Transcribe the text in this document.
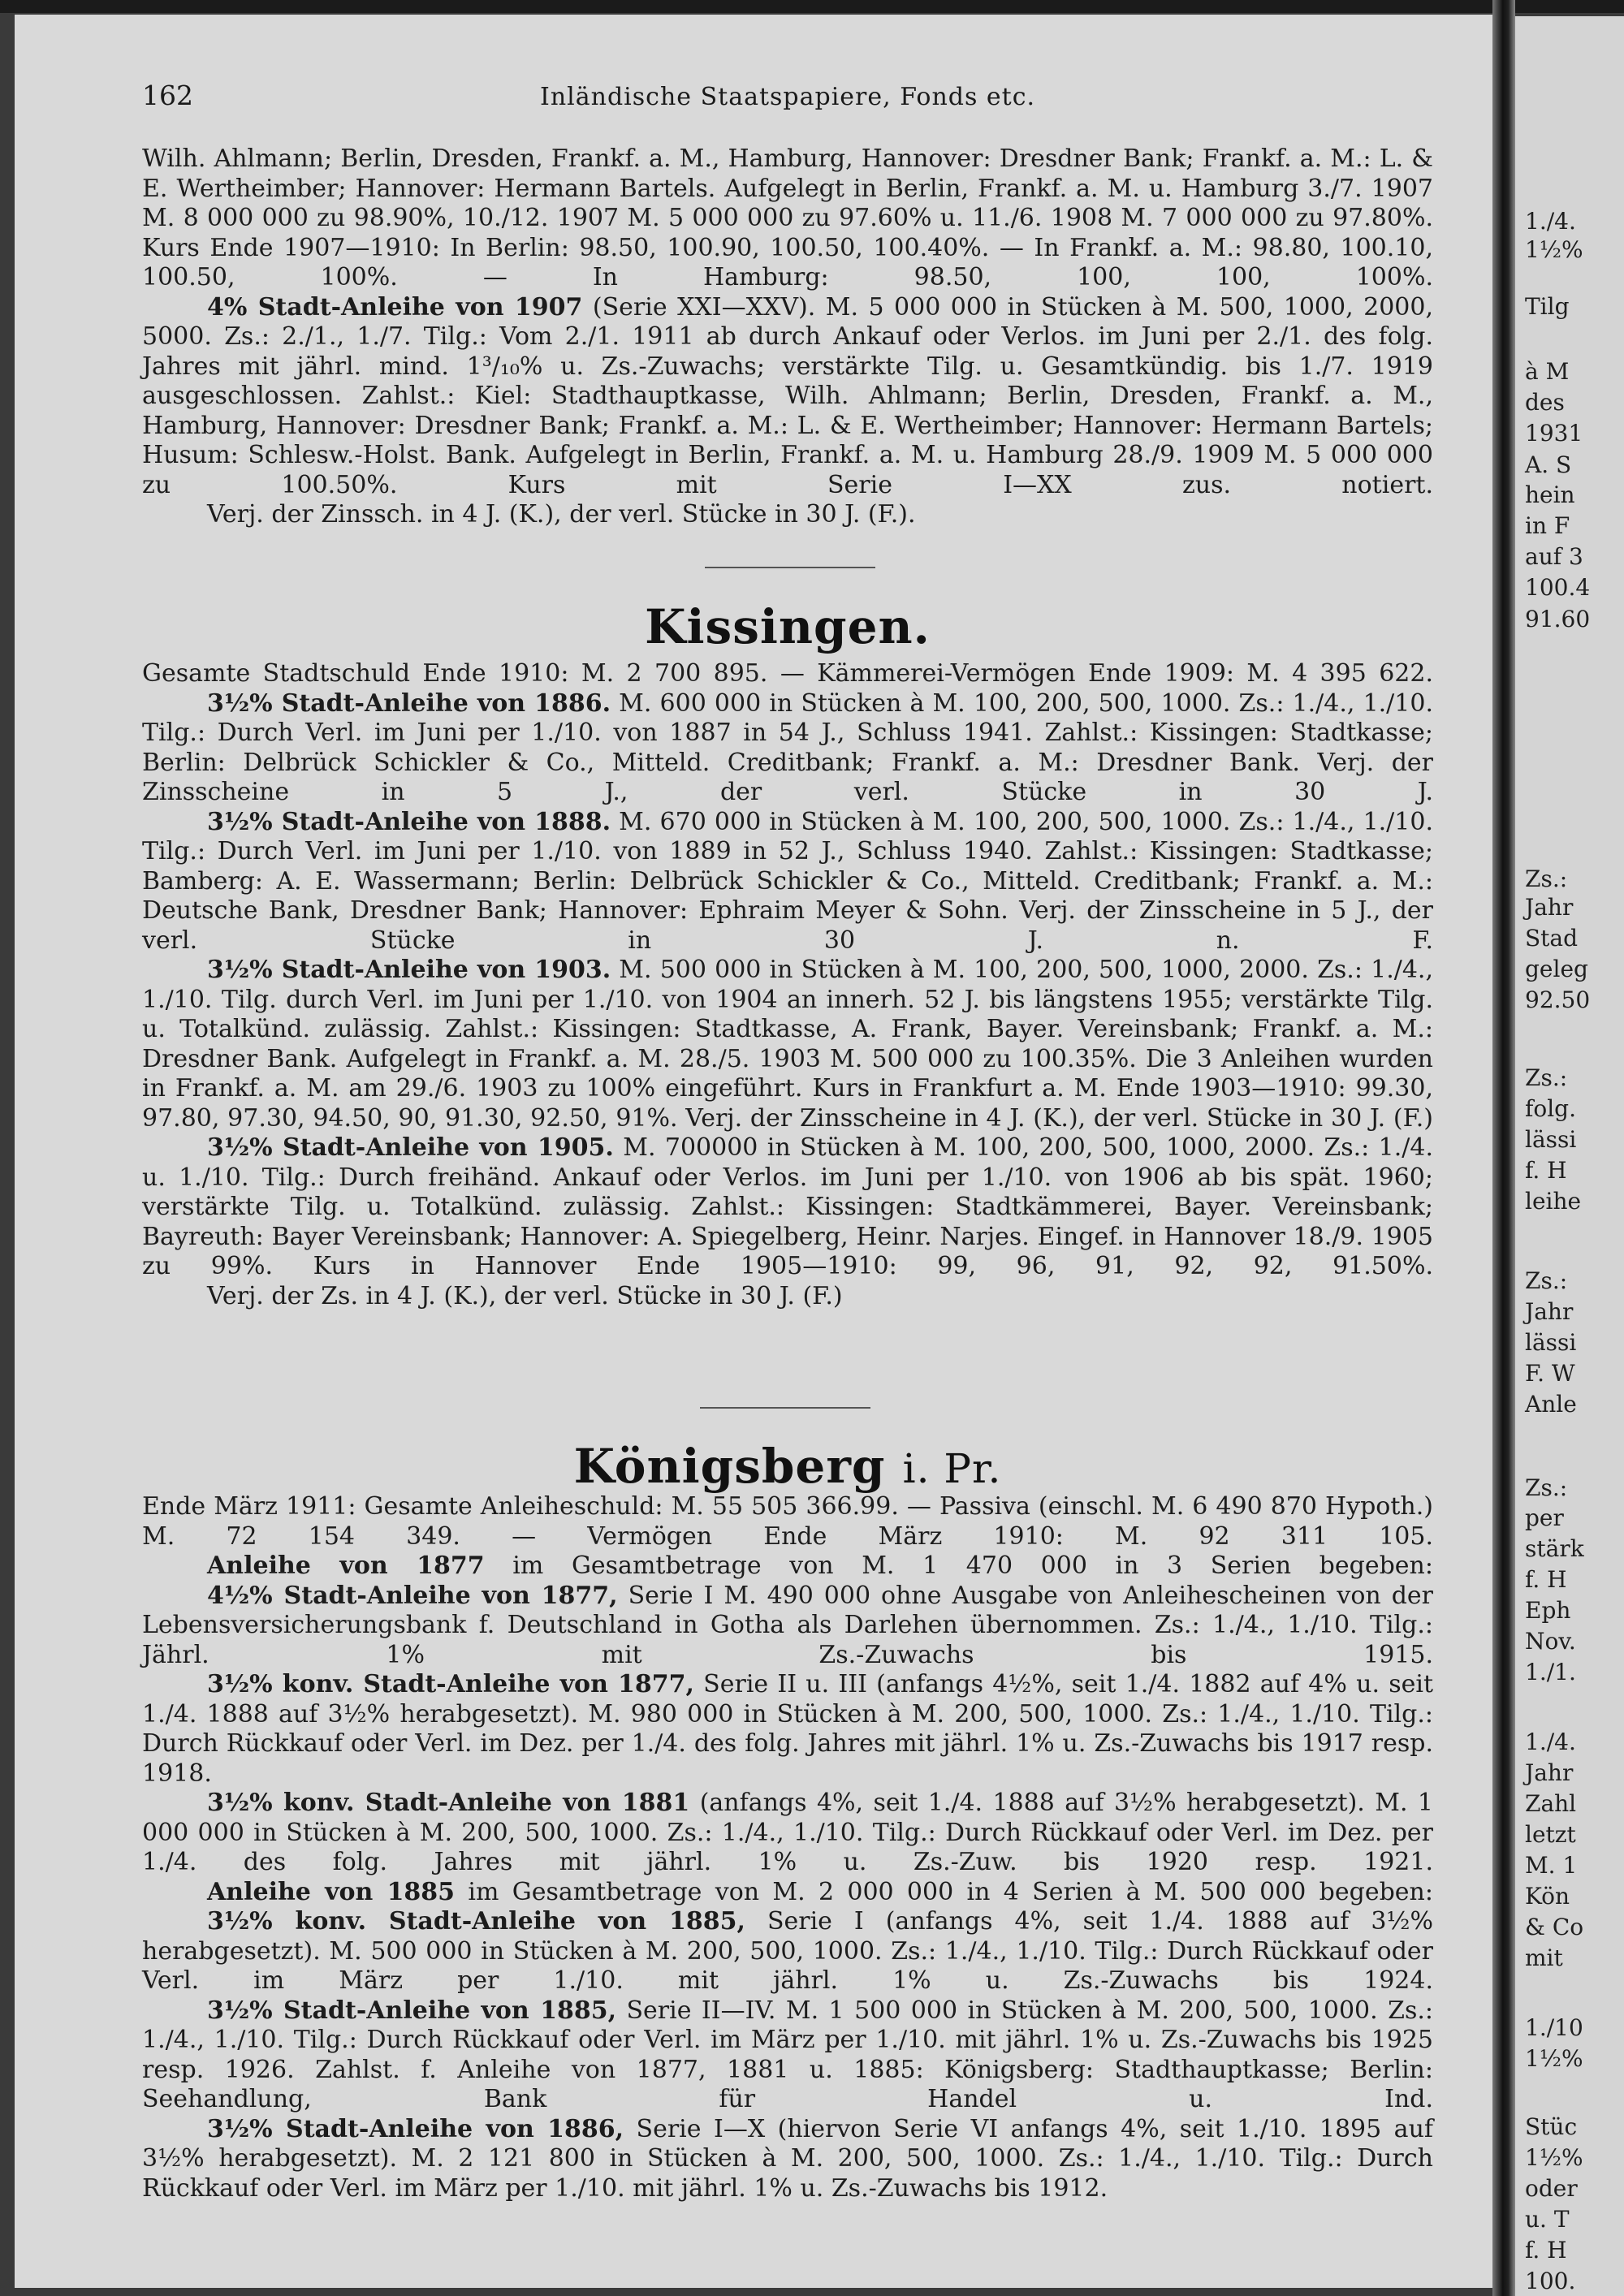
162	Inländische Staatspapiere, Fonds etc.

Wilh. Ahlmann; Berlin, Dresden, Frankf. a. M., Hamburg, Hannover: Dresdner Bank; Frankf. a. M.: L. & E. Wertheimber; Hannover: Hermann Bartels. Aufgelegt in Berlin, Frankf. a. M. u. Hamburg 3./7. 1907 M. 8 000 000 zu 98.90%, 10./12. 1907 M. 5 000 000 zu 97.60% u. 11./6. 1908 M. 7 000 000 zu 97.80%. Kurs Ende 1907—1910: In Berlin: 98.50, 100.90, 100.50, 100.40%. — In Frankf. a. M.: 98.80, 100.10, 100.50, 100%. — In Hamburg: 98.50, 100, 100, 100%.

4% Stadt-Anleihe von 1907 (Serie XXI—XXV). M. 5 000 000 in Stücken à M. 500, 1000, 2000, 5000. Zs.: 2./1., 1./7. Tilg.: Vom 2./1. 1911 ab durch Ankauf oder Verlos. im Juni per 2./1. des folg. Jahres mit jährl. mind. 1³/₁₀% u. Zs.-Zuwachs; verstärkte Tilg. u. Gesamtkündig. bis 1./7. 1919 ausgeschlossen. Zahlst.: Kiel: Stadthauptkasse, Wilh. Ahlmann; Berlin, Dresden, Frankf. a. M., Hamburg, Hannover: Dresdner Bank; Frankf. a. M.: L. & E. Wertheimber; Hannover: Hermann Bartels; Husum: Schlesw.-Holst. Bank. Aufgelegt in Berlin, Frankf. a. M. u. Hamburg 28./9. 1909 M. 5 000 000 zu 100.50%. Kurs mit Serie I—XX zus. notiert.

Verj. der Zinssch. in 4 J. (K.), der verl. Stücke in 30 J. (F.).

Kissingen.

Gesamte Stadtschuld Ende 1910: M. 2 700 895. — Kämmerei-Vermögen Ende 1909: M. 4 395 622.

3½% Stadt-Anleihe von 1886. M. 600 000 in Stücken à M. 100, 200, 500, 1000. Zs.: 1./4., 1./10. Tilg.: Durch Verl. im Juni per 1./10. von 1887 in 54 J., Schluss 1941. Zahlst.: Kissingen: Stadtkasse; Berlin: Delbrück Schickler & Co., Mitteld. Creditbank; Frankf. a. M.: Dresdner Bank. Verj. der Zinsscheine in 5 J., der verl. Stücke in 30 J.

3½% Stadt-Anleihe von 1888. M. 670 000 in Stücken à M. 100, 200, 500, 1000. Zs.: 1./4., 1./10. Tilg.: Durch Verl. im Juni per 1./10. von 1889 in 52 J., Schluss 1940. Zahlst.: Kissingen: Stadtkasse; Bamberg: A. E. Wassermann; Berlin: Delbrück Schickler & Co., Mitteld. Creditbank; Frankf. a. M.: Deutsche Bank, Dresdner Bank; Hannover: Ephraim Meyer & Sohn. Verj. der Zinsscheine in 5 J., der verl. Stücke in 30 J. n. F.

3½% Stadt-Anleihe von 1903. M. 500 000 in Stücken à M. 100, 200, 500, 1000, 2000. Zs.: 1./4., 1./10. Tilg. durch Verl. im Juni per 1./10. von 1904 an innerh. 52 J. bis längstens 1955; verstärkte Tilg. u. Totalkünd. zulässig. Zahlst.: Kissingen: Stadtkasse, A. Frank, Bayer. Vereinsbank; Frankf. a. M.: Dresdner Bank. Aufgelegt in Frankf. a. M. 28./5. 1903 M. 500 000 zu 100.35%. Die 3 Anleihen wurden in Frankf. a. M. am 29./6. 1903 zu 100% eingeführt. Kurs in Frankfurt a. M. Ende 1903—1910: 99.30, 97.80, 97.30, 94.50, 90, 91.30, 92.50, 91%. Verj. der Zinsscheine in 4 J. (K.), der verl. Stücke in 30 J. (F.)

3½% Stadt-Anleihe von 1905. M. 700000 in Stücken à M. 100, 200, 500, 1000, 2000. Zs.: 1./4. u. 1./10. Tilg.: Durch freihänd. Ankauf oder Verlos. im Juni per 1./10. von 1906 ab bis spät. 1960; verstärkte Tilg. u. Totalkünd. zulässig. Zahlst.: Kissingen: Stadtkämmerei, Bayer. Vereinsbank; Bayreuth: Bayer Vereinsbank; Hannover: A. Spiegelberg, Heinr. Narjes. Eingef. in Hannover 18./9. 1905 zu 99%. Kurs in Hannover Ende 1905—1910: 99, 96, 91, 92, 92, 91.50%.

Verj. der Zs. in 4 J. (K.), der verl. Stücke in 30 J. (F.)

Königsberg i. Pr.

Ende März 1911: Gesamte Anleiheschuld: M. 55 505 366.99. — Passiva (einschl. M. 6 490 870 Hypoth.) M. 72 154 349. — Vermögen Ende März 1910: M. 92 311 105.

Anleihe von 1877 im Gesamtbetrage von M. 1 470 000 in 3 Serien begeben:

4½% Stadt-Anleihe von 1877, Serie I M. 490 000 ohne Ausgabe von Anleihescheinen von der Lebensversicherungsbank f. Deutschland in Gotha als Darlehen übernommen. Zs.: 1./4., 1./10. Tilg.: Jährl. 1% mit Zs.-Zuwachs bis 1915.

3½% konv. Stadt-Anleihe von 1877, Serie II u. III (anfangs 4½%, seit 1./4. 1882 auf 4% u. seit 1./4. 1888 auf 3½% herabgesetzt). M. 980 000 in Stücken à M. 200, 500, 1000. Zs.: 1./4., 1./10. Tilg.: Durch Rückkauf oder Verl. im Dez. per 1./4. des folg. Jahres mit jährl. 1% u. Zs.-Zuwachs bis 1917 resp. 1918.

3½% konv. Stadt-Anleihe von 1881 (anfangs 4%, seit 1./4. 1888 auf 3½% herabgesetzt). M. 1 000 000 in Stücken à M. 200, 500, 1000. Zs.: 1./4., 1./10. Tilg.: Durch Rückkauf oder Verl. im Dez. per 1./4. des folg. Jahres mit jährl. 1% u. Zs.-Zuw. bis 1920 resp. 1921.

Anleihe von 1885 im Gesamtbetrage von M. 2 000 000 in 4 Serien à M. 500 000 begeben:

3½% konv. Stadt-Anleihe von 1885, Serie I (anfangs 4%, seit 1./4. 1888 auf 3½% herabgesetzt). M. 500 000 in Stücken à M. 200, 500, 1000. Zs.: 1./4., 1./10. Tilg.: Durch Rückkauf oder Verl. im März per 1./10. mit jährl. 1% u. Zs.-Zuwachs bis 1924.

3½% Stadt-Anleihe von 1885, Serie II—IV. M. 1 500 000 in Stücken à M. 200, 500, 1000. Zs.: 1./4., 1./10. Tilg.: Durch Rückkauf oder Verl. im März per 1./10. mit jährl. 1% u. Zs.-Zuwachs bis 1925 resp. 1926. Zahlst. f. Anleihe von 1877, 1881 u. 1885: Königsberg: Stadthauptkasse; Berlin: Seehandlung, Bank für Handel u. Ind.

3½% Stadt-Anleihe von 1886, Serie I—X (hiervon Serie VI anfangs 4%, seit 1./10. 1895 auf 3½% herabgesetzt). M. 2 121 800 in Stücken à M. 200, 500, 1000. Zs.: 1./4., 1./10. Tilg.: Durch Rückkauf oder Verl. im März per 1./10. mit jährl. 1% u. Zs.-Zuwachs bis 1912.

1./4.
1½%
Tilg
à M
des
1931
A. S
hein
in F
auf 3
100.4
91.60
Zs.:
Jahr
Stad
geleg
92.50
Zs.:
folg.
lässi
f. H
leihe
Zs.:
Jahr
lässi
F. W
Anle
Zs.:
per
stärk
f. H
Eph
Nov.
1./1.
1./4.
Jahr
Zahl
letzt
M. 1
Kön
& Co
mit
1./10
1½%
Stüc
1½%
oder
u. T
f. H
100.
